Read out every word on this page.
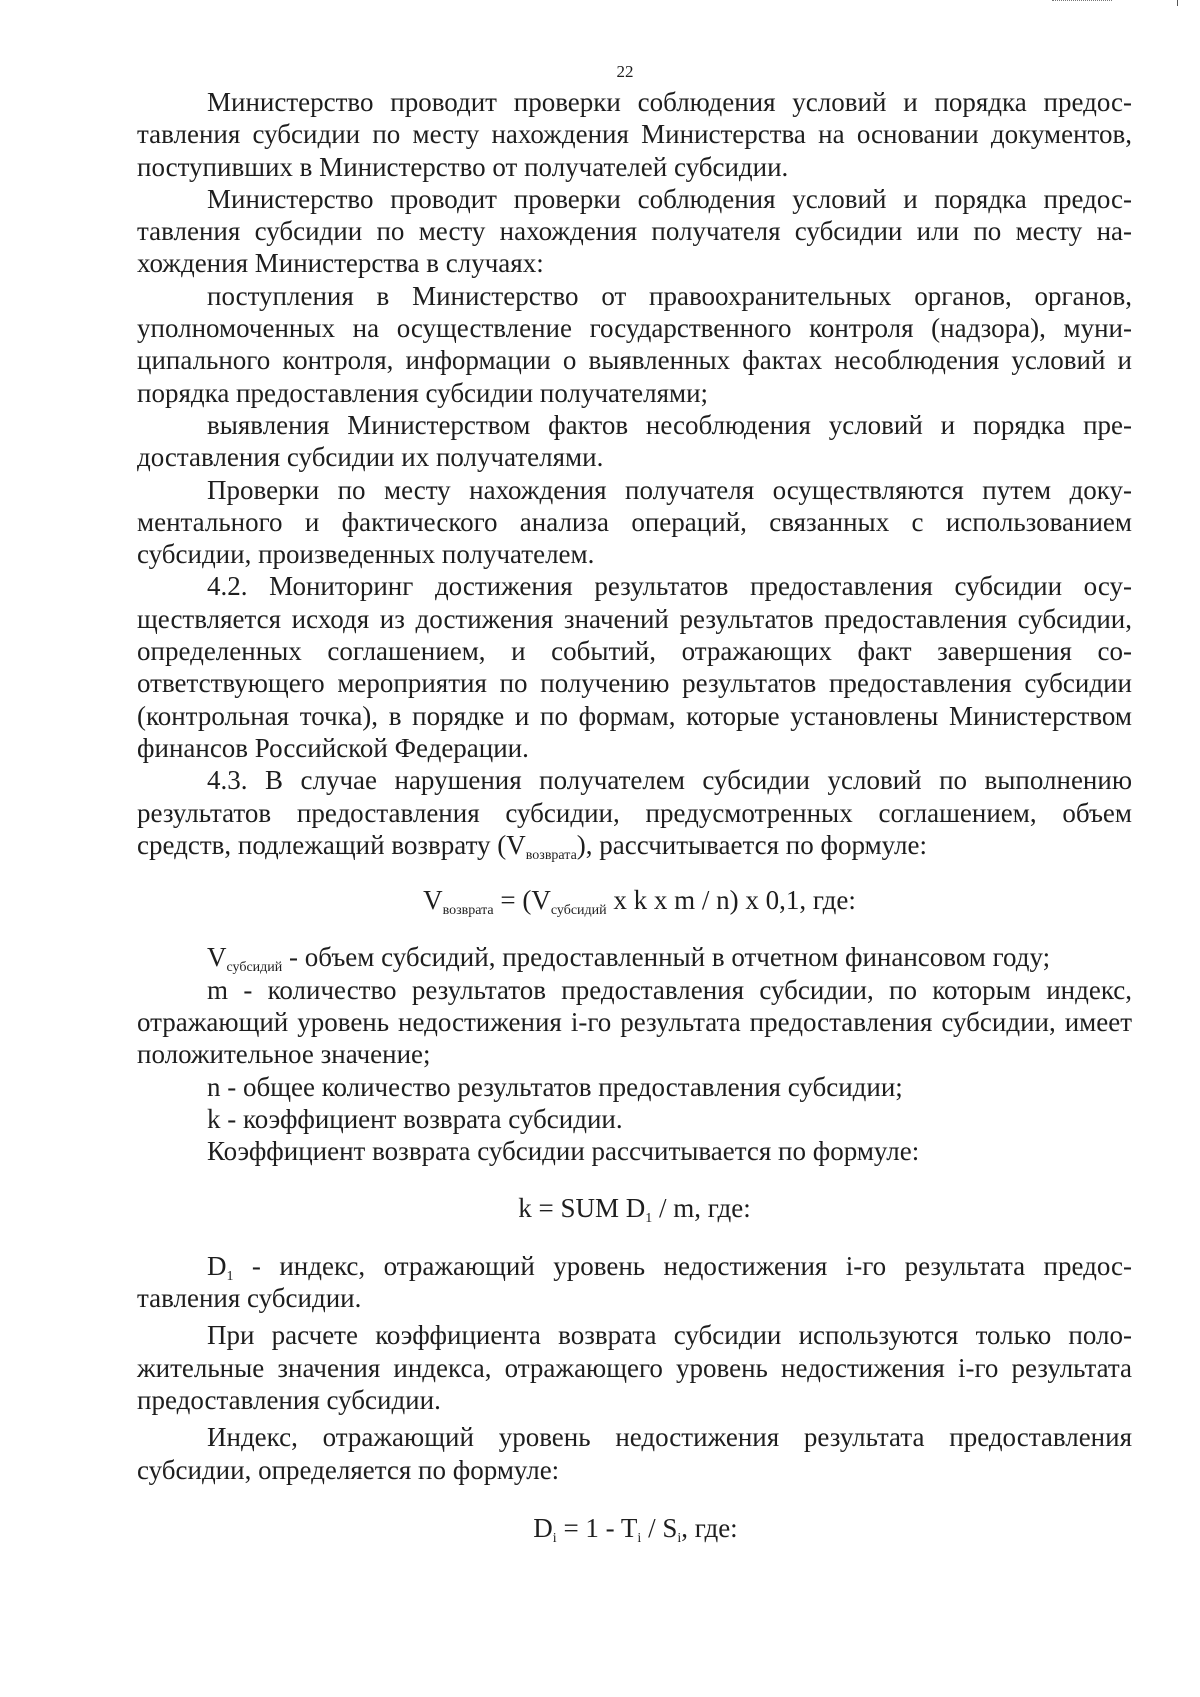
22

Министерство проводит проверки соблюдения условий и порядка предоставления субсидии по месту нахождения Министерства на основании документов, поступивших в Министерство от получателей субсидии.

Министерство проводит проверки соблюдения условий и порядка предоставления субсидии по месту нахождения получателя субсидии или по месту нахождения Министерства в случаях:

поступления в Министерство от правоохранительных органов, органов, уполномоченных на осуществление государственного контроля (надзора), муниципального контроля, информации о выявленных фактах несоблюдения условий и порядка предоставления субсидии получателями;

выявления Министерством фактов несоблюдения условий и порядка предоставления субсидии их получателями.

Проверки по месту нахождения получателя осуществляются путем документального и фактического анализа операций, связанных с использованием субсидии, произведенных получателем.

4.2. Мониторинг достижения результатов предоставления субсидии осуществляется исходя из достижения значений результатов предоставления субсидии, определенных соглашением, и событий, отражающих факт завершения соответствующего мероприятия по получению результатов предоставления субсидии (контрольная точка), в порядке и по формам, которые установлены Министерством финансов Российской Федерации.

4.3. В случае нарушения получателем субсидии условий по выполнению результатов предоставления субсидии, предусмотренных соглашением, объем средств, подлежащий возврату $(V_{возврата})$, рассчитывается по формуле:

$V_{возврата} = (V_{субсидий}$ x k x m / n) x 0,1, где:

$V_{субсидий}$ - объем субсидий, предоставленный в отчетном финансовом году;

m - количество результатов предоставления субсидии, по которым индекс, отражающий уровень недостижения i-го результата предоставления субсидии, имеет положительное значение;

n - общее количество результатов предоставления субсидии;

k - коэффициент возврата субсидии.

Коэффициент возврата субсидии рассчитывается по формуле:

k = SUM $D_1$ / m, где:

$D_1$ - индекс, отражающий уровень недостижения i-го результата предоставления субсидии.

При расчете коэффициента возврата субсидии используются только положительные значения индекса, отражающего уровень недостижения i-го результата предоставления субсидии.

Индекс, отражающий уровень недостижения результата предоставления субсидии, определяется по формуле:

$D_i = 1 - T_i / S_i$, где:
